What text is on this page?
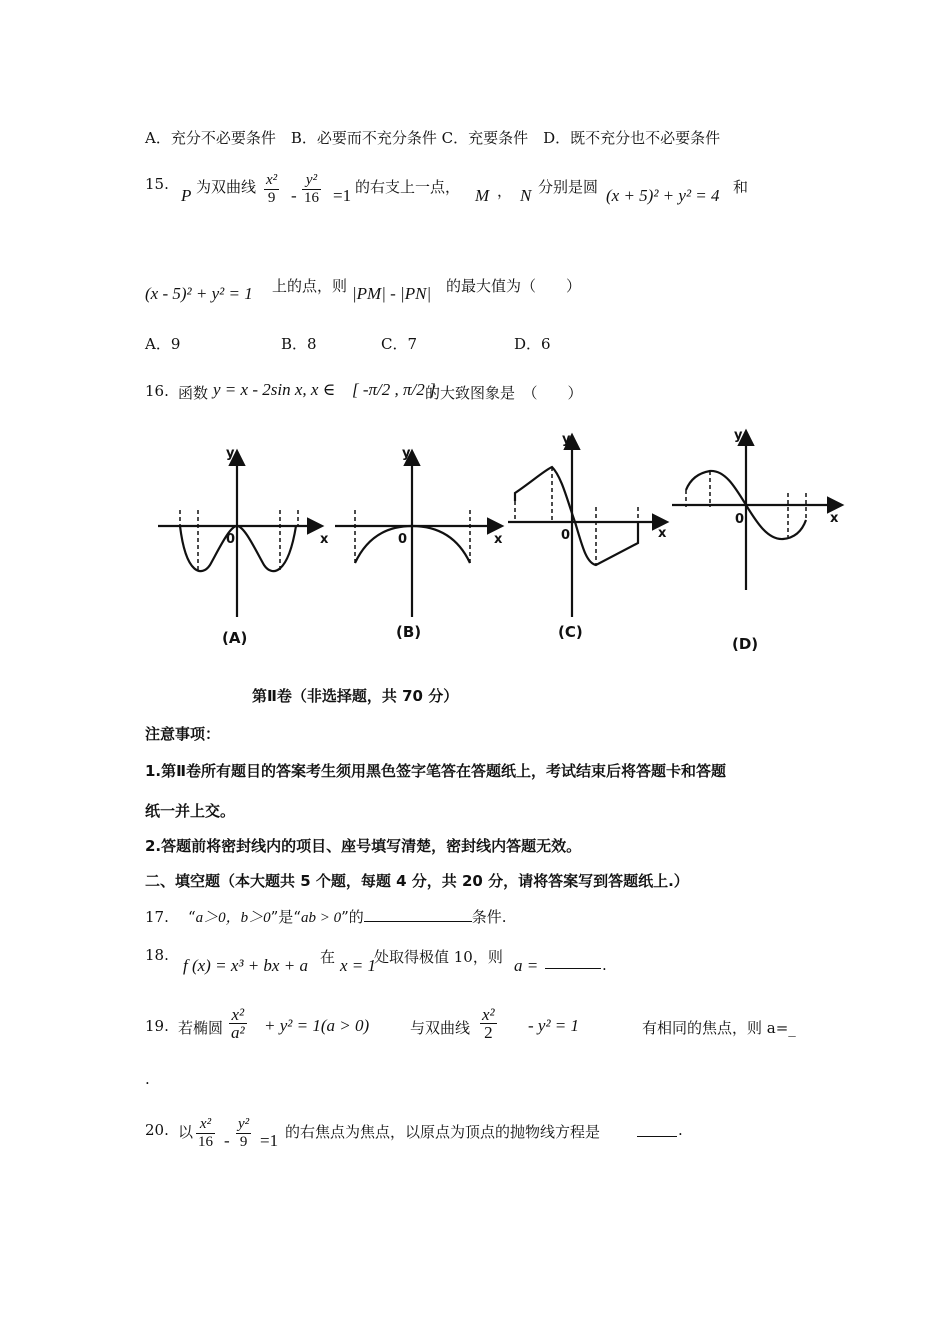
A．充分不必要条件　B．必要而不充分条件 C．充要条件　D．既不充分也不必要条件
15.
P 为双曲线 $\frac{\text{x²}}{9} - \frac{\text{y²}}{16} =1$ 的右支上一点， M ， N 分别是圆 (x + 5)² + y² = 4 和
(x - 5)² + y² = 1 上的点，则 |PM| - |PN| 的最大值为（　　）
A．9	B．8	C．7	D．6
16. 函数 y = x - 2sin x, x ∈ [ -π/2 , π/2 ]
的大致图象是　（　　）
y
x
0
y
x
0
y
x
0
y
x
0
(A)	(B)	(C)
(D)
第Ⅱ卷（非选择题，共 70 分）
注意事项：
1.第Ⅱ卷所有题目的答案考生须用黑色签字笔答在答题纸上，考试结束后将答题卡和答题
纸一并上交。
2.答题前将密封线内的项目、座号填写清楚，密封线内答题无效。
二、填空题（本大题共 5 个题，每题 4 分，共 20 分，请将答案写到答题纸上.）
17. “a＞0，b＞0”是“ab > 0”的	条件.
18.
f (x) = x³ + bx + a 在 x = 1
处取得极值 10，则 a =	.
19. 若椭圆 $\frac{\text{x²}}{\text{a²}} + y^2 = 1(a > 0)$	与双曲线 $\frac{\text{x²}}{2} - y^2 = 1$	有相同的焦点，则 a=_
.
20. 以 $\frac{\text{x²}}{16} - \frac{\text{y²}}{9} =1$ 的右焦点为焦点，以原点为顶点的抛物线方程是	.
